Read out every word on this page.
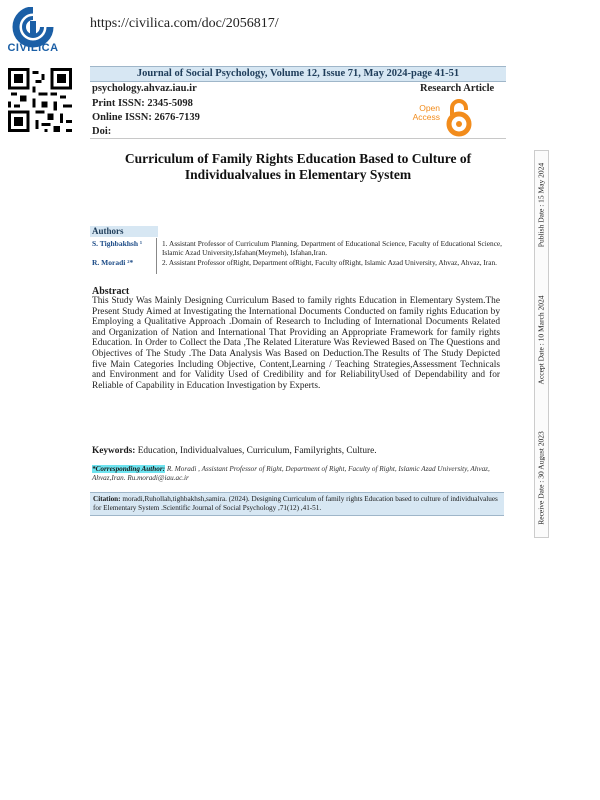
CIVILICA
https://civilica.com/doc/2056817/
Journal of Social Psychology, Volume 12, Issue 71, May 2024-page 41-51
psychology.ahvaz.iau.ir	Research Article
Print ISSN: 2345-5098
Online ISSN: 2676-7139
Doi:
Open
Access
Curriculum of Family Rights Education Based to Culture of
Individualvalues in Elementary System
Authors
S. Tighbakhsh ¹
R. Moradi ²*
1. Assistant Professor of Curriculum Planning, Department of Educational Science, Faculty of Educational Science, Islamic Azad University,Isfahan(Meymeh), Isfahan,Iran.
2. Assistant Professor ofRight, Department ofRight, Faculty ofRight, Islamic Azad University, Ahvaz, Ahvaz, Iran.
Abstract
This Study Was Mainly Designing Curriculum Based to family rights Education in Elementary System.The Present Study Aimed at Investigating the International Documents Conducted on family rights Education by Employing a Qualitative Approach .Domain of Research to Including of International Documents Related and Organization of Nation and International That Providing an Appropriate Framework for family rights Education. In Order to Collect the Data ,The Related Literature Was Reviewed Based on The Questions and Objectives of The Study .The Data Analysis Was Based on Deduction.The Results of The Study Depicted five Main Categories Including Objective, Content,Learning / Teaching Strategies,Assessment Technicals and Environment and for Validity Used of Credibility and for ReliabilityUsed of Dependability and for Reliable of Capability in Education Investigation by Experts.
Keywords: Education, Individualvalues, Curriculum, Familyrights, Culture.
*Corresponding Author: R. Moradi , Assistant Professor of Right, Department of Right, Faculty of Right, Islamic Azad University, Ahvaz, Ahvaz,Iran. Ru.moradi@iau.ac.ir
Citation: moradi,Ruhollah,tighbakhsh,samira. (2024). Designing Curriculum of family rights Education based to culture of individualvalues for Elementary System .Scientific Journal of Social Psychology ,71(12) ,41-51.
Publish Date : 15 May 2024
Accept Date : 10 March 2024
Receive Date : 30 August 2023
